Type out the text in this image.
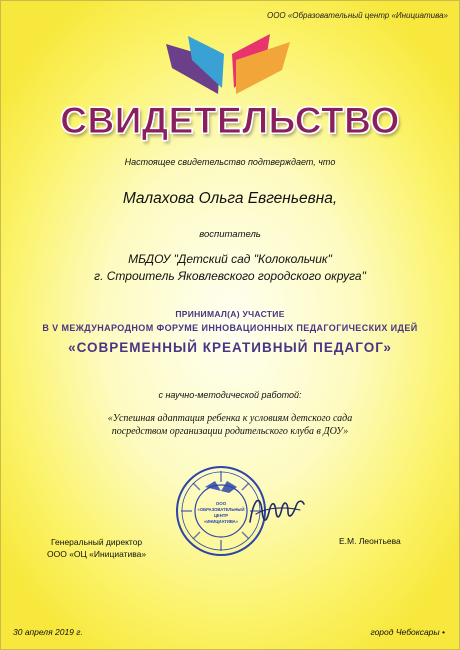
ООО «Образовательный центр «Инициатива»
СВИДЕТЕЛЬСТВО
Настоящее свидетельство подтверждает, что
Малахова Ольга Евгеньевна,
воспитатель
МБДОУ "Детский сад "Колокольчик"
г. Строитель Яковлевского городского округа"
ПРИНИМАЛ(А) УЧАСТИЕ
В V МЕЖДУНАРОДНОМ ФОРУМЕ ИННОВАЦИОННЫХ ПЕДАГОГИЧЕСКИХ ИДЕЙ
«СОВРЕМЕННЫЙ КРЕАТИВНЫЙ ПЕДАГОГ»
с научно-методической работой:
«Успешная адаптация ребенка к условиям детского сада
посредством организации родительского клуба в ДОУ»
ООО
«ОБРАЗОВАТЕЛЬНЫЙ
ЦЕНТР
«ИНИЦИАТИВА»
Генеральный директор
ООО «ОЦ «Инициатива»
Е.М. Леонтьева
30 апреля 2019 г.	город Чебоксары •
